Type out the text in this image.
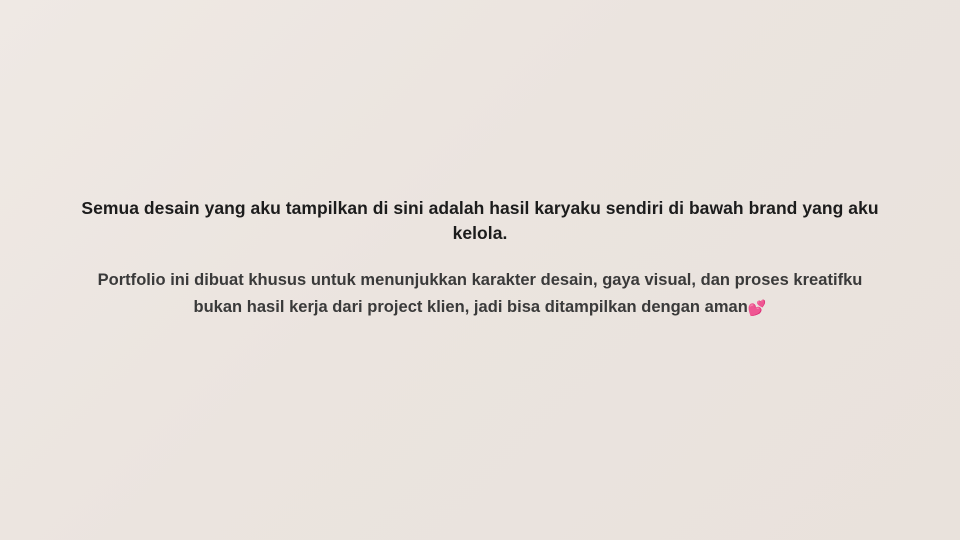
Semua desain yang aku tampilkan di sini adalah hasil karyaku sendiri di bawah brand yang aku kelola.

Portfolio ini dibuat khusus untuk menunjukkan karakter desain, gaya visual, dan proses kreatifku
bukan hasil kerja dari project klien, jadi bisa ditampilkan dengan aman💕
